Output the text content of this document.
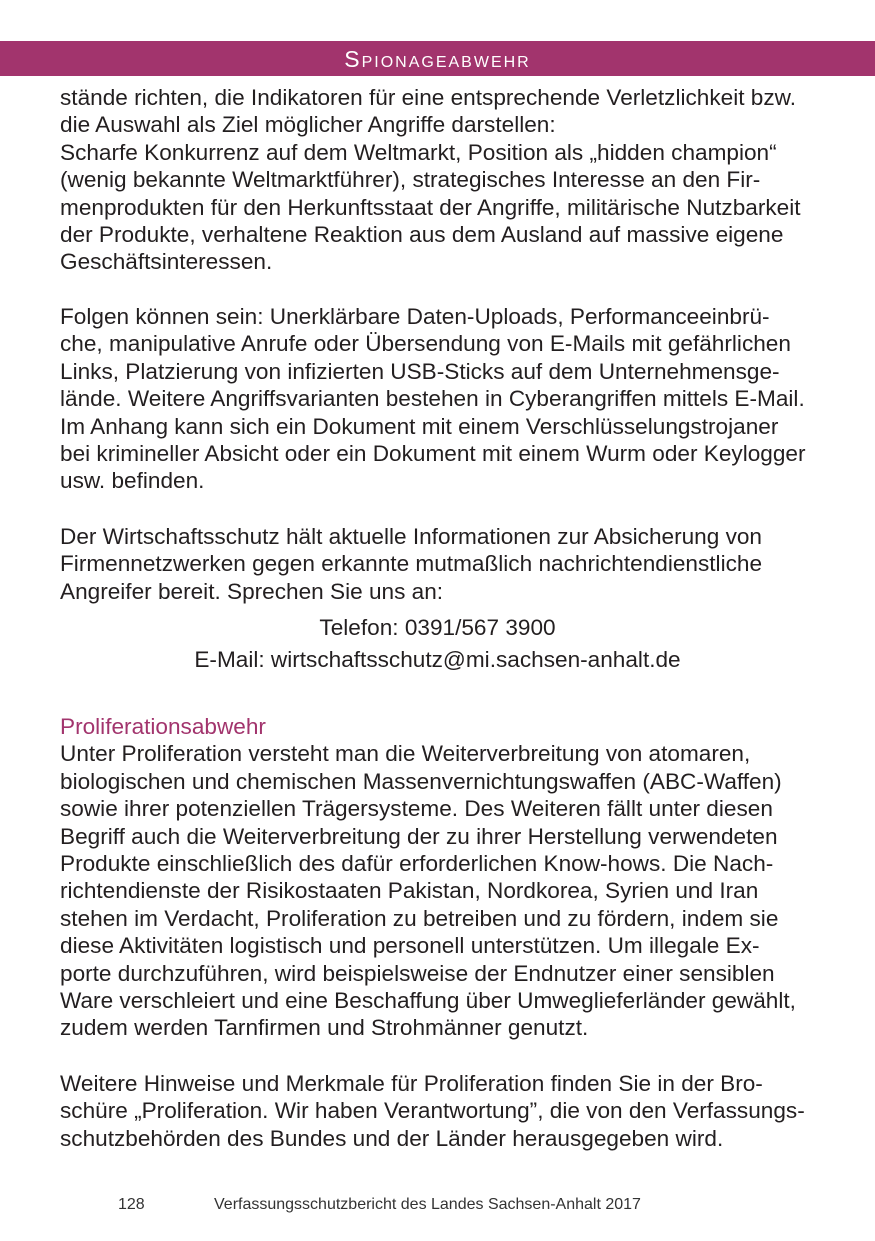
Spionageabwehr
stände richten, die Indikatoren für eine entsprechende Verletzlichkeit bzw.
die Auswahl als Ziel möglicher Angriffe darstellen:
Scharfe Konkurrenz auf dem Weltmarkt, Position als „hidden champion“
(wenig bekannte Weltmarktführer), strategisches Interesse an den Fir-
menprodukten für den Herkunftsstaat der Angriffe, militärische Nutzbarkeit
der Produkte, verhaltene Reaktion aus dem Ausland auf massive eigene
Geschäftsinteressen.
Folgen können sein: Unerklärbare Daten-Uploads, Performanceeinbrü-
che, manipulative Anrufe oder Übersendung von E-Mails mit gefährlichen
Links, Platzierung von infizierten USB-Sticks auf dem Unternehmensge-
lände. Weitere Angriffsvarianten bestehen in Cyberangriffen mittels E-Mail.
Im Anhang kann sich ein Dokument mit einem Verschlüsselungstrojaner
bei krimineller Absicht oder ein Dokument mit einem Wurm oder Keylogger
usw. befinden.
Der Wirtschaftsschutz hält aktuelle Informationen zur Absicherung von
Firmennetzwerken gegen erkannte mutmaßlich nachrichtendienstliche
Angreifer bereit. Sprechen Sie uns an:
Telefon: 0391/567 3900
E-Mail: wirtschaftsschutz@mi.sachsen-anhalt.de
Proliferationsabwehr
Unter Proliferation versteht man die Weiterverbreitung von atomaren,
biologischen und chemischen Massenvernichtungswaffen (ABC-Waffen)
sowie ihrer potenziellen Trägersysteme. Des Weiteren fällt unter diesen
Begriff auch die Weiterverbreitung der zu ihrer Herstellung verwendeten
Produkte einschließlich des dafür erforderlichen Know-hows. Die Nach-
richtendienste der Risikostaaten Pakistan, Nordkorea, Syrien und Iran
stehen im Verdacht, Proliferation zu betreiben und zu fördern, indem sie
diese Aktivitäten logistisch und personell unterstützen. Um illegale Ex-
porte durchzuführen, wird beispielsweise der Endnutzer einer sensiblen
Ware verschleiert und eine Beschaffung über Umweglieferländer gewählt,
zudem werden Tarnfirmen und Strohmänner genutzt.
Weitere Hinweise und Merkmale für Proliferation finden Sie in der Bro-
schüre „Proliferation. Wir haben Verantwortung”, die von den Verfassungs-
schutzbehörden des Bundes und der Länder herausgegeben wird.
128	Verfassungsschutzbericht des Landes Sachsen-Anhalt 2017
